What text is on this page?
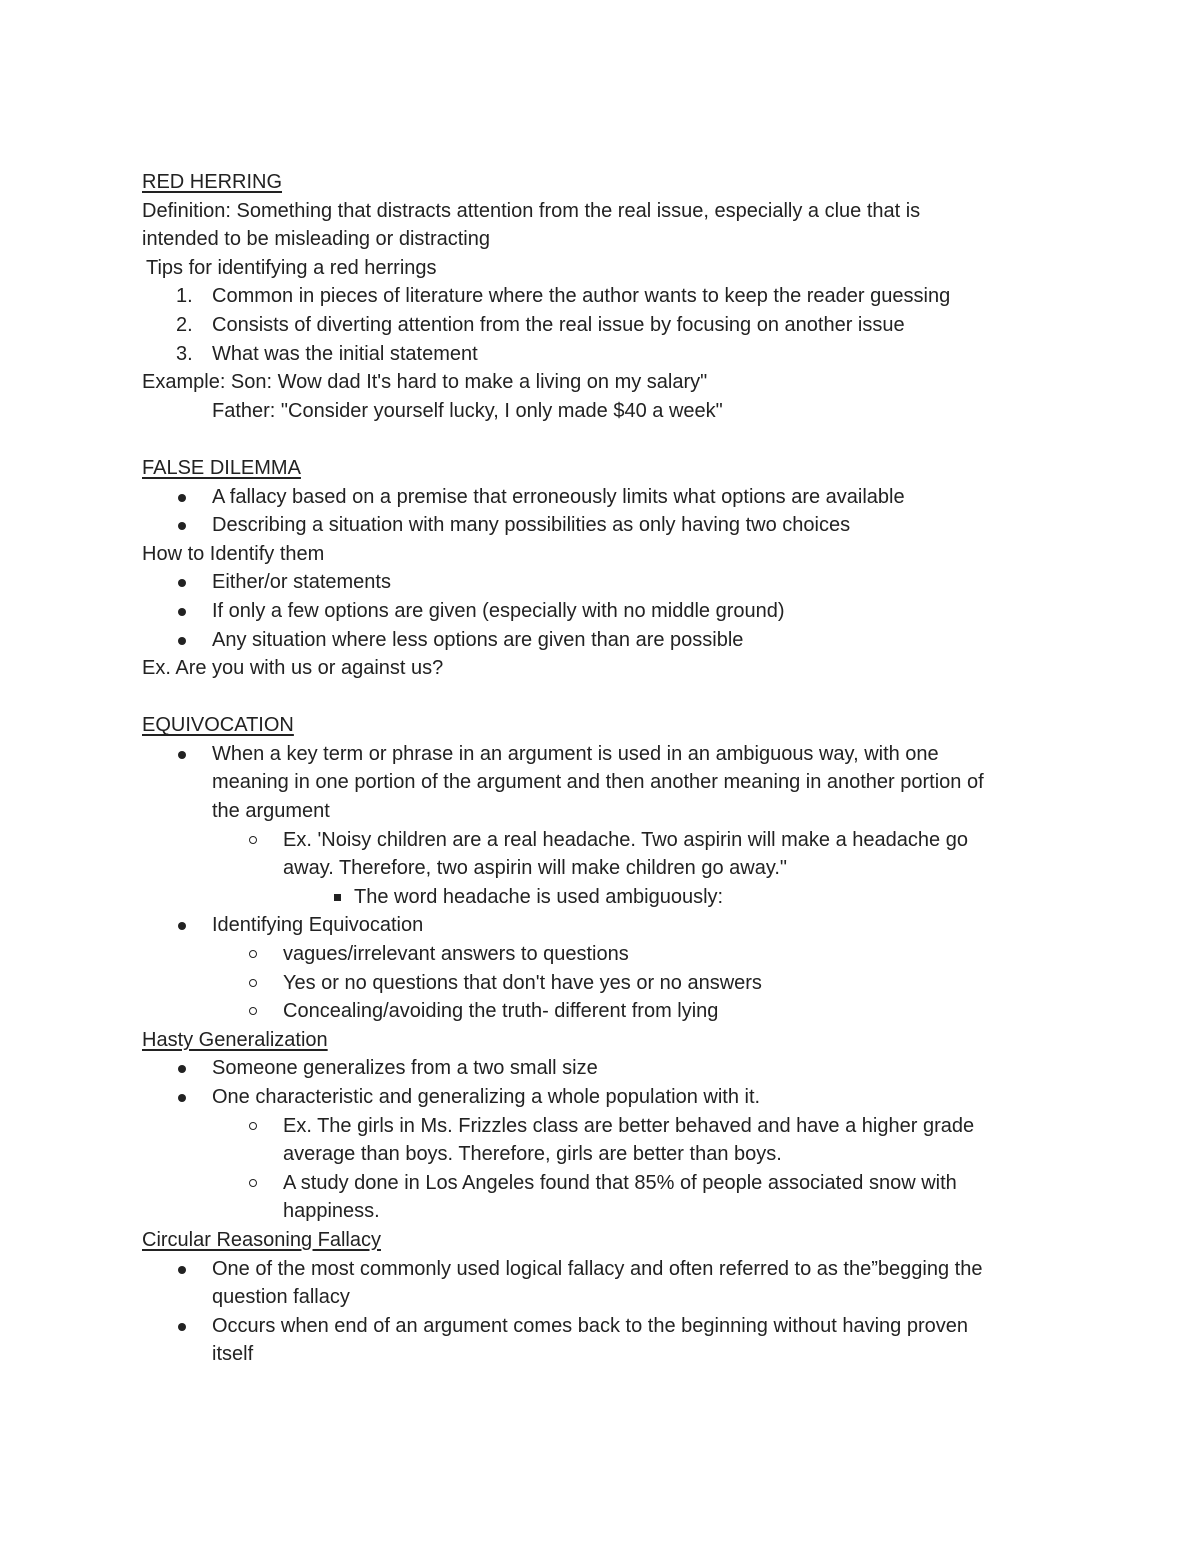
RED HERRING
Definition: Something that distracts attention from the real issue, especially a clue that is
intended to be misleading or distracting
Tips for identifying a red herrings
1. Common in pieces of literature where the author wants to keep the reader guessing
2. Consists of diverting attention from the real issue by focusing on another issue
3. What was the initial statement
Example: Son: Wow dad It's hard to make a living on my salary"
Father: "Consider yourself lucky, I only made $40 a week"
FALSE DILEMMA
A fallacy based on a premise that erroneously limits what options are available
Describing a situation with many possibilities as only having two choices
How to Identify them
Either/or statements
If only a few options are given (especially with no middle ground)
Any situation where less options are given than are possible
Ex. Are you with us or against us?
EQUIVOCATION
When a key term or phrase in an argument is used in an ambiguous way, with one
meaning in one portion of the argument and then another meaning in another portion of
the argument
Ex. 'Noisy children are a real headache. Two aspirin will make a headache go
away. Therefore, two aspirin will make children go away."
The word headache is used ambiguously:
Identifying Equivocation
vagues/irrelevant answers to questions
Yes or no questions that don't have yes or no answers
Concealing/avoiding the truth- different from lying
Hasty Generalization
Someone generalizes from a two small size
One characteristic and generalizing a whole population with it.
Ex. The girls in Ms. Frizzles class are better behaved and have a higher grade
average than boys. Therefore, girls are better than boys.
A study done in Los Angeles found that 85% of people associated snow with
happiness.
Circular Reasoning Fallacy
One of the most commonly used logical fallacy and often referred to as the”begging the
question fallacy
Occurs when end of an argument comes back to the beginning without having proven
itself
